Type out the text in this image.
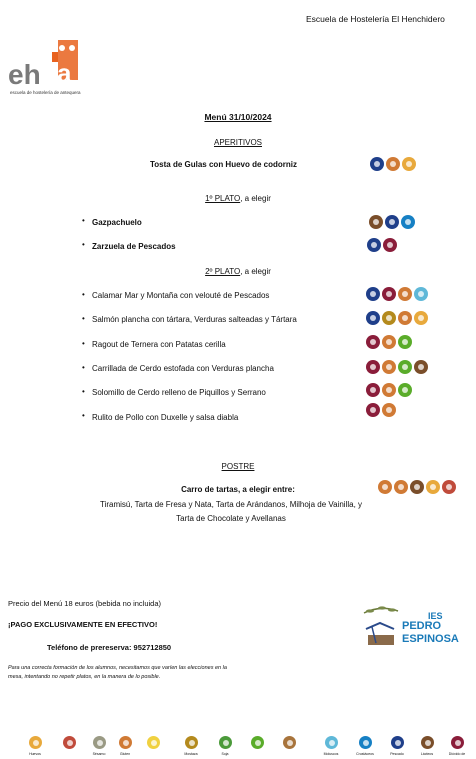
Escuela de Hostelería El Henchidero
eh a
escuela de hostelería de antequera
Menú 31/10/2024
APERITIVOS
Tosta de Gulas con Huevo de codorniz
1º PLATO, a elegir
• Gazpachuelo
• Zarzuela de Pescados
2º PLATO, a elegir
• Calamar Mar y Montaña con velouté de Pescados
• Salmón plancha con tártara, Verduras salteadas y Tártara
• Ragout de Ternera con Patatas cerilla
• Carrillada de Cerdo estofada con Verduras plancha
• Solomillo de Cerdo relleno de Piquillos y Serrano
• Rulito de Pollo con Duxelle y salsa diabla
POSTRE
Carro de tartas, a elegir entre:
Tiramisú, Tarta de Fresa y Nata, Tarta de Arándanos, Milhoja de Vainilla, y Tarta de Chocolate y Avellanas
Precio del Menú 18 euros (bebida no incluida)
¡PAGO EXCLUSIVAMENTE EN EFECTIVO!
Teléfono de prereserva: 952712850
Para una correcta formación de los alumnos, necesitamos que varíen las elecciones en la mesa, intentando no repetir platos, en la manera de lo posible.
IES
PEDRO
ESPINOSA
Huevos	Sésamo	Gluten	Mostaza	Soja	Moluscos	Crustáceos	Pescado	Lácteos	Dióxido de
